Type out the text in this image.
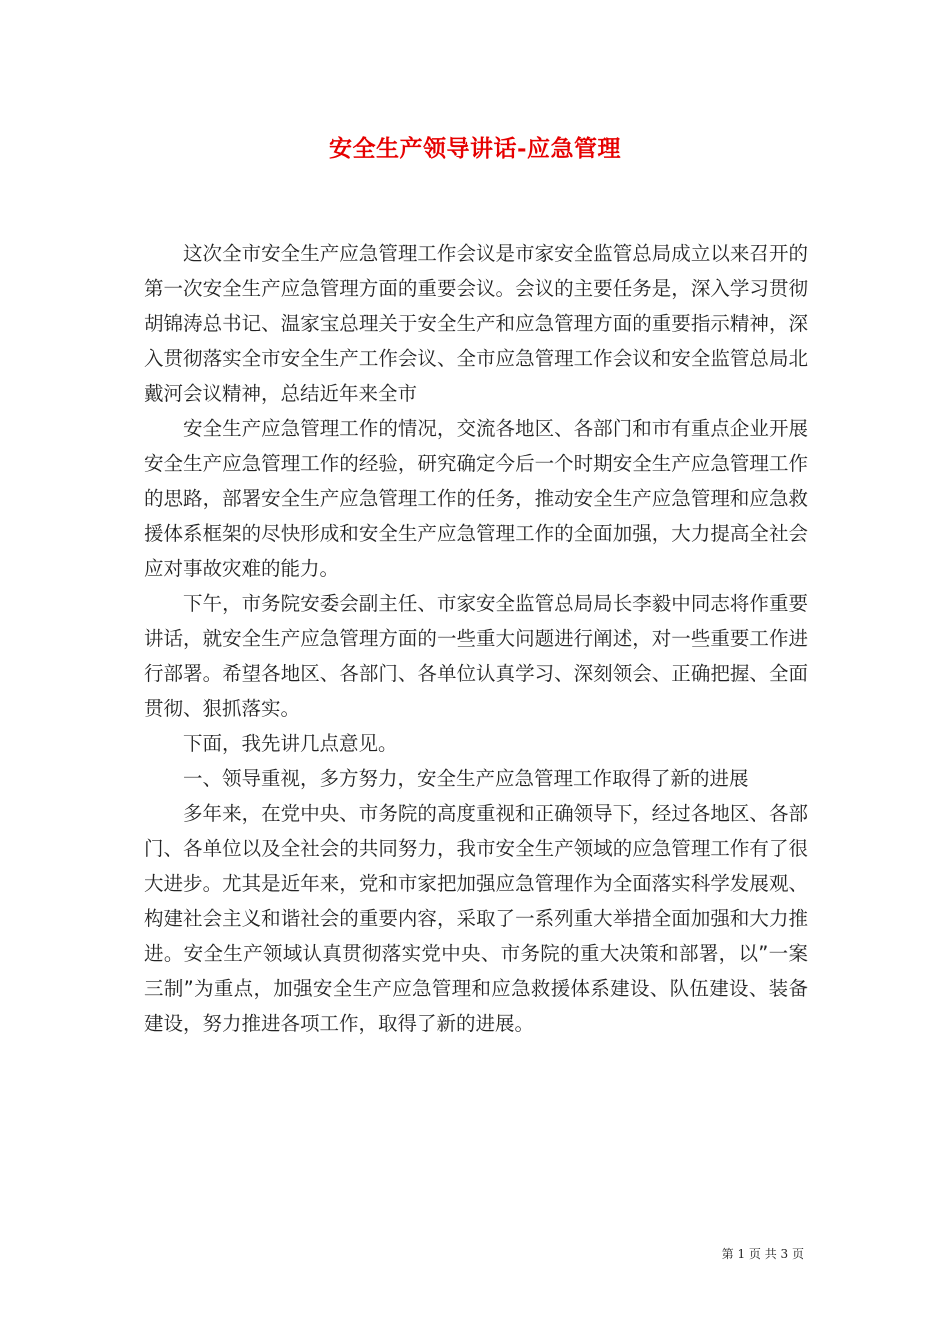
安全生产领导讲话-应急管理

这次全市安全生产应急管理工作会议是市家安全监管总局成立以来召开的第一次安全生产应急管理方面的重要会议。会议的主要任务是，深入学习贯彻胡锦涛总书记、温家宝总理关于安全生产和应急管理方面的重要指示精神，深入贯彻落实全市安全生产工作会议、全市应急管理工作会议和安全监管总局北戴河会议精神，总结近年来全市

安全生产应急管理工作的情况，交流各地区、各部门和市有重点企业开展安全生产应急管理工作的经验，研究确定今后一个时期安全生产应急管理工作的思路，部署安全生产应急管理工作的任务，推动安全生产应急管理和应急救援体系框架的尽快形成和安全生产应急管理工作的全面加强，大力提高全社会应对事故灾难的能力。

下午，市务院安委会副主任、市家安全监管总局局长李毅中同志将作重要讲话，就安全生产应急管理方面的一些重大问题进行阐述，对一些重要工作进行部署。希望各地区、各部门、各单位认真学习、深刻领会、正确把握、全面贯彻、狠抓落实。

下面，我先讲几点意见。

一、领导重视，多方努力，安全生产应急管理工作取得了新的进展

多年来，在党中央、市务院的高度重视和正确领导下，经过各地区、各部门、各单位以及全社会的共同努力，我市安全生产领域的应急管理工作有了很大进步。尤其是近年来，党和市家把加强应急管理作为全面落实科学发展观、构建社会主义和谐社会的重要内容，采取了一系列重大举措全面加强和大力推进。安全生产领域认真贯彻落实党中央、市务院的重大决策和部署，以”一案三制”为重点，加强安全生产应急管理和应急救援体系建设、队伍建设、装备建设，努力推进各项工作，取得了新的进展。

第 1 页 共 3 页
